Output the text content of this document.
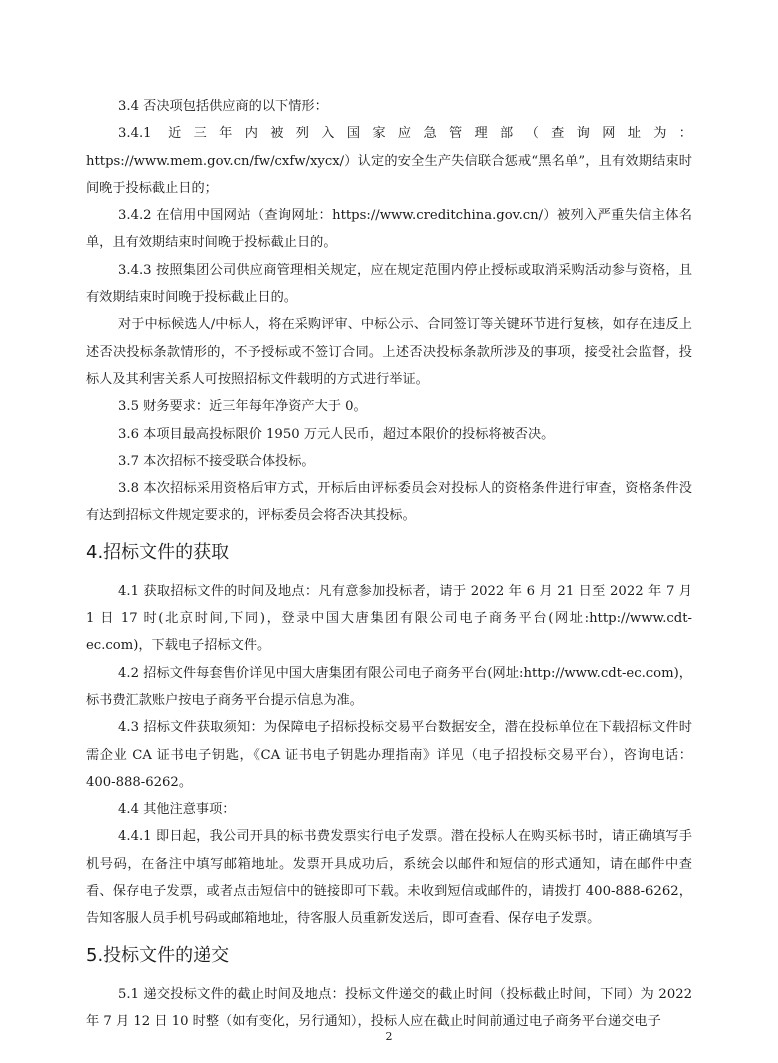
3.4 否决项包括供应商的以下情形：

3.4.1 近三年内被列入国家应急管理部（查询网址为：https://www.mem.gov.cn/fw/cxfw/xycx/）认定的安全生产失信联合惩戒“黑名单”，且有效期结束时间晚于投标截止日的；

3.4.2 在信用中国网站（查询网址：https://www.creditchina.gov.cn/）被列入严重失信主体名单，且有效期结束时间晚于投标截止日的。

3.4.3 按照集团公司供应商管理相关规定，应在规定范围内停止授标或取消采购活动参与资格，且有效期结束时间晚于投标截止日的。

对于中标候选人/中标人，将在采购评审、中标公示、合同签订等关键环节进行复核，如存在违反上述否决投标条款情形的，不予授标或不签订合同。上述否决投标条款所涉及的事项，接受社会监督，投标人及其利害关系人可按照招标文件载明的方式进行举证。

3.5 财务要求：近三年每年净资产大于 0。

3.6 本项目最高投标限价 1950 万元人民币，超过本限价的投标将被否决。

3.7 本次招标不接受联合体投标。

3.8 本次招标采用资格后审方式，开标后由评标委员会对投标人的资格条件进行审查，资格条件没有达到招标文件规定要求的，评标委员会将否决其投标。

4.招标文件的获取

4.1 获取招标文件的时间及地点：凡有意参加投标者，请于 2022 年 6 月 21 日至 2022 年 7 月 1 日 17 时(北京时间,下同)，登录中国大唐集团有限公司电子商务平台(网址:http://www.cdt-ec.com)，下载电子招标文件。

4.2 招标文件每套售价详见中国大唐集团有限公司电子商务平台(网址:http://www.cdt-ec.com)，标书费汇款账户按电子商务平台提示信息为准。

4.3 招标文件获取须知：为保障电子招标投标交易平台数据安全，潜在投标单位在下载招标文件时需企业 CA 证书电子钥匙，《CA 证书电子钥匙办理指南》详见（电子招投标交易平台），咨询电话：400-888-6262。

4.4 其他注意事项：

4.4.1 即日起，我公司开具的标书费发票实行电子发票。潜在投标人在购买标书时，请正确填写手机号码，在备注中填写邮箱地址。发票开具成功后，系统会以邮件和短信的形式通知，请在邮件中查看、保存电子发票，或者点击短信中的链接即可下载。未收到短信或邮件的，请拨打 400-888-6262，告知客服人员手机号码或邮箱地址，待客服人员重新发送后，即可查看、保存电子发票。

5.投标文件的递交

5.1 递交投标文件的截止时间及地点：投标文件递交的截止时间（投标截止时间，下同）为 2022 年 7 月 12 日 10 时整（如有变化，另行通知），投标人应在截止时间前通过电子商务平台递交电子

2
